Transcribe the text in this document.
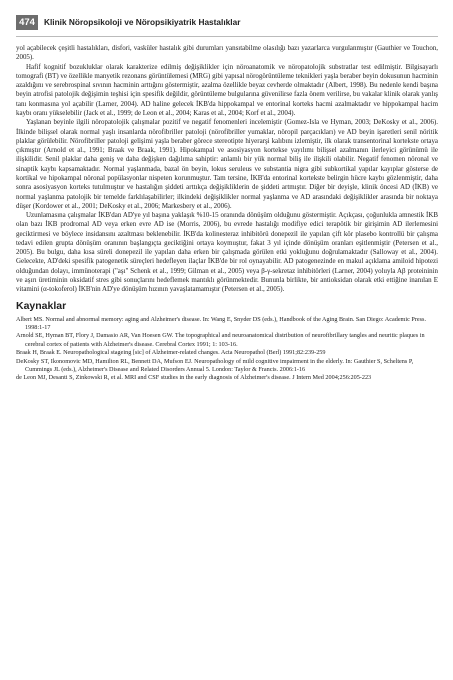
474	Klinik Nöropsikoloji ve Nöropsikiyatrik Hastalıklar

yol açabilecek çeşitli hastalıkları, disfori, vasküler hastalık gibi durumları yansıtabilme olasılığı bazı yazarlarca vurgulanmıştır (Gauthier ve Touchon, 2005).

Hafif kognitif bozukluklar olarak karakterize edilmiş değişiklikler için nöroanatomik ve nöropatolojik substratlar test edilmiştir. Bilgisayarlı tomografi (BT) ve özellikle manyetik rezonans görüntülemesi (MRG) gibi yapısal nörogörüntüleme teknikleri yaşla beraber beyin dokusunun hacminin azaldığını ve serebrospinal sıvının hacminin arttığını göstermiştir, azalma özellikle beyaz cevherde olmaktadır (Albert, 1998). Bu nedenle kendi başına beyin atrofisi patolojik değişimin teşhisi için spesifik değildir, görüntüleme bulgularına güvenilirse fazla önem verilirse, bu vakalar klinik olarak yanlış tanı konmasına yol açabilir (Larner, 2004). AD haline gelecek İKB'da hippokampal ve entorinal korteks hacmi azalmaktadır ve hippokampal hacim kaybı oranı yükselebilir (Jack et al., 1999; de Leon et al., 2004; Karas et al., 2004; Korf et al., 2004).

Yaşlanan beyinle ilgili nöropatolojik çalışmalar pozitif ve negatif fenomenleri incelemiştir (Gomez-Isla ve Hyman, 2003; DeKosky et al., 2006). İlkinde bilişsel olarak normal yaşlı insanlarda nörofibriller patoloji (nörofibriller yumaklar, nöropil parçacıkları) ve AD beyin işaretleri senil nöritik plaklar görülebilir. Nörofibriller patoloji gelişimi yaşla beraber görece stereotipte hiyerarşi kalıbını izlemiştir, ilk olarak transentorinal kortekste ortaya çıkmıştır (Arnold et al., 1991; Braak ve Braak, 1991). Hipokampal ve asosiyasyon kortekse yayılımı bilişsel azalmanın ilerleyici görünümü ile ilişkilidir. Senil plaklar daha geniş ve daha değişken dağılıma sahiptir: anlamlı bir yük normal biliş ile ilişkili olabilir. Negatif fenomen nöronal ve sinaptik kaybı kapsamaktadır. Normal yaşlanmada, bazal ön beyin, lokus seruleus ve substantia nigra gibi subkortikal yapılar kayıplar gösterse de kortikal ve hipokampal nöronal popülasyonlar nispeten korunmuştur. Tam tersine, İKB'da entorinal kortekste belirgin hücre kaybı gözlenmiştir, daha sonra asosiyasyon korteks tutulmuştur ve hastalığın şiddeti arttıkça değişikliklerin de şiddeti artmıştır. Diğer bir deyişle, klinik öncesi AD (İKB) ve normal yaşlanma patolojik bir temelde farklılaşabilirler; ilkindeki değişiklikler normal yaşlanma ve AD arasındaki değişiklikler arasında bir noktaya düşer (Kordower et al., 2001; DeKosky et al., 2006; Markesbery et al., 2006).

Uzunlamasına çalışmalar İKB'dan AD'ye yıl başına yaklaşık %10-15 oranında dönüşüm olduğunu göstermiştir. Açıkçası, çoğunlukla amnestik İKB olan bazı İKB prodromal AD veya erken evre AD ise (Morris, 2006), bu evrede hastalığı modifiye edici terapötik bir girişimin AD ilerlemesini geciktirmesi ve böylece insidansını azaltması beklenebilir. İKB'da kolinesteraz inhibitörü donepezil ile yapılan çift kör plasebo kontrollü bir çalışma tedavi edilen grupta dönüşüm oranının başlangıçta geciktiğini ortaya koymuştur, fakat 3 yıl içinde dönüşüm oranları eşitlenmiştir (Petersen et al., 2005). Bu bulgu, daha kısa süreli donepezil ile yapılan daha erken bir çalışmada görülen etki yokluğunu doğrulamaktadır (Salloway et al., 2004). Gelecekte, AD'deki spesifik patogenetik süreçleri hedefleyen ilaçlar İKB'de bir rol oynayabilir. AD patogenezinde en makul açıklama amiloid hipotezi olduğundan dolayı, immünoterapi ("aşı" Schenk et al., 1999; Gilman et al., 2005) veya β-γ-sekretaz inhibitörleri (Larner, 2004) yoluyla Aβ proteininin ve aşırı üretiminin oksidatif stres gibi sonuçlarını hedeflemek mantıklı görünmektedir. Bununla birlikte, bir antioksidan olarak etki ettiğine inanılan E vitamini (α-tokoferol) İKB'nin AD'ye dönüşüm hızının yavaşlatamamıştır (Petersen et al., 2005).

Kaynaklar

Albert MS. Normal and abnormal memory: aging and Alzheimer's disease. In: Wang E, Snyder DS (eds.), Handbook of the Aging Brain. San Diego: Academic Press. 1998:1-17

Arnold SE, Hyman BT, Flory J, Damasio AR, Van Hoesen GW. The topographical and neuroanatomical distribution of neurofibrillary tangles and neuritic plaques in cerebral cortex of patients with Alzheimer's disease. Cerebral Cortex 1991; 1: 103-16.

Braak H, Braak E. Neuropathological stageing [sic] of Alzheimer-related changes. Acta Neuropathol (Berl) 1991;82:239-259

DeKosky ST, Ikonomovic MD, Hamilton RL, Bennett DA, Mufson EJ. Neuropathology of mild cognitive impairment in the elderly. In: Gauthier S, Scheltens P, Cummings JL (eds.), Alzheimer's Disease and Related Disorders Annual 5. London: Taylor & Francis. 2006:1-16

de Leon MJ, Desanti S, Zinkowski R, et al. MRI and CSF studies in the early diagnosis of Alzheimer's disease. J Intern Med 2004;256:205-223
